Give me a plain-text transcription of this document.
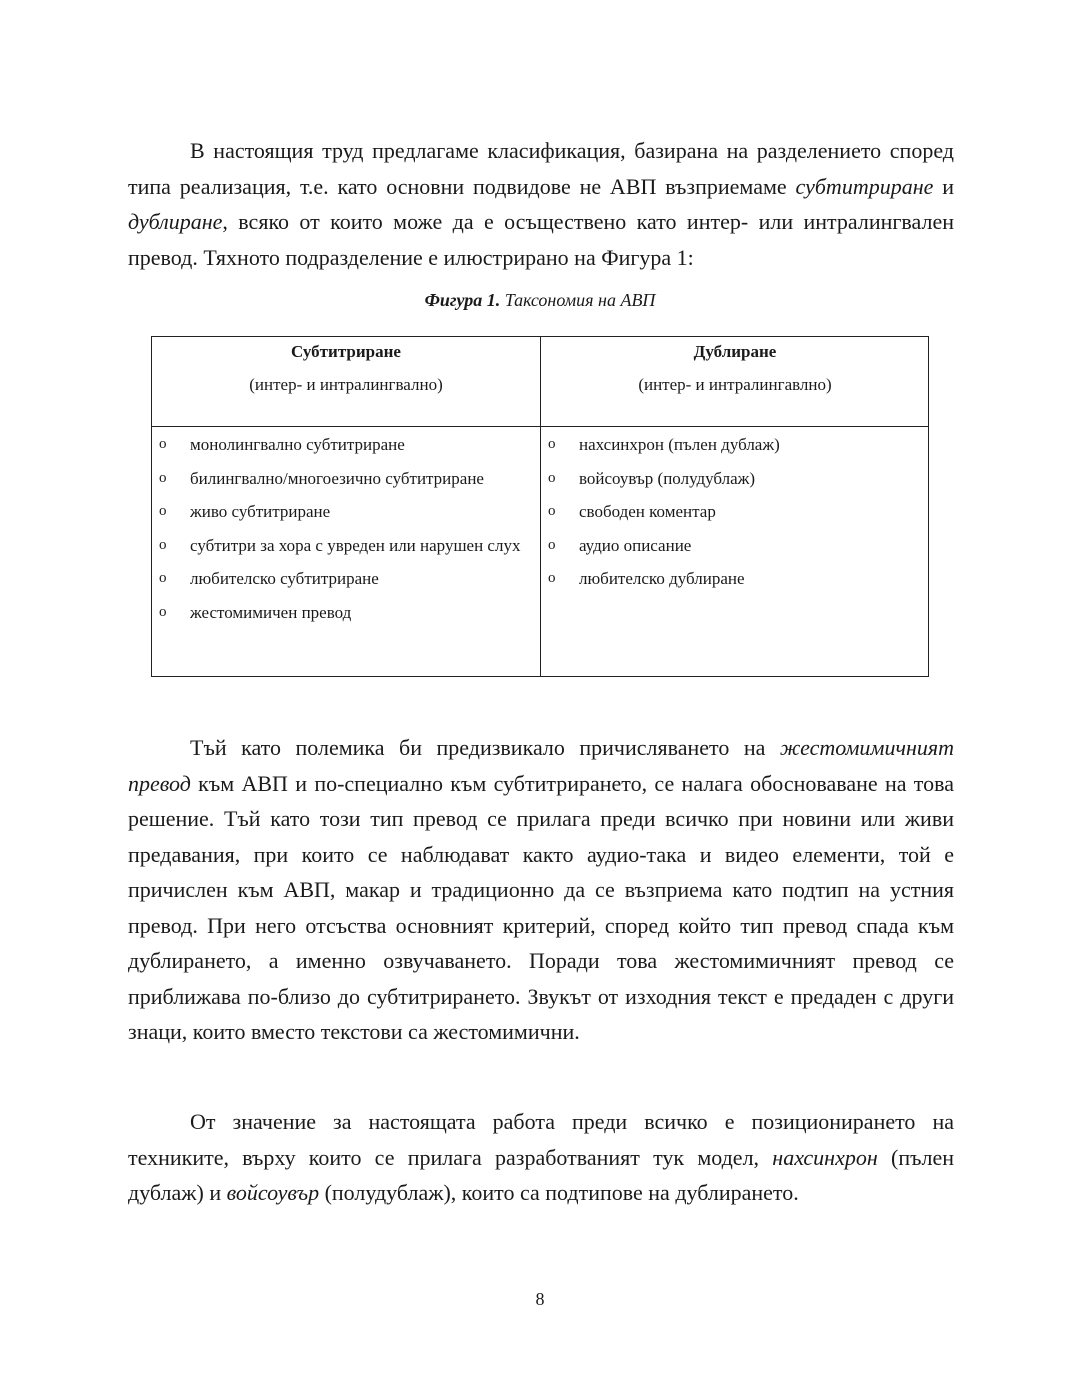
В настоящия труд предлагаме класификация, базирана на разделението според типа реализация, т.е. като основни подвидове не АВП възприемаме субтитриране и дублиране, всяко от които може да е осъществено като интер- или интралингвален превод. Тяхното подразделение е илюстрирано на Фигура 1:

Фигура 1. Таксономия на АВП
Субтитриране
(интер- и интралингвално)
o монолингвално субтитриране
o билингвално/многоезично субтитриране
o живо субтитриране
o субтитри за хора с увреден или нарушен слух
o любителско субтитриране
o жестомимичен превод
Дублиране
(интер- и интралингавлно)
o нахсинхрон (пълен дублаж)
o войсоувър (полудублаж)
o свободен коментар
o аудио описание
o любителско дублиране

Тъй като полемика би предизвикало причисляването на жестомимичният превод към АВП и по-специално към субтитрирането, се налага обосноваване на това решение. Тъй като този тип превод се прилага преди всичко при новини или живи предавания, при които се наблюдават както аудио-така и видео елементи, той е причислен към АВП, макар и традиционно да се възприема като подтип на устния превод. При него отсъства основният критерий, според който тип превод спада към дублирането, а именно озвучаването. Поради това жестомимичният превод се приближава по-близо до субтитрирането. Звукът от изходния текст е предаден с други знаци, които вместо текстови са жестомимични.

От значение за настоящата работа преди всичко е позиционирането на техниките, върху които се прилага разработваният тук модел, нахсинхрон (пълен дублаж) и войсоувър (полудублаж), които са подтипове на дублирането.

8
